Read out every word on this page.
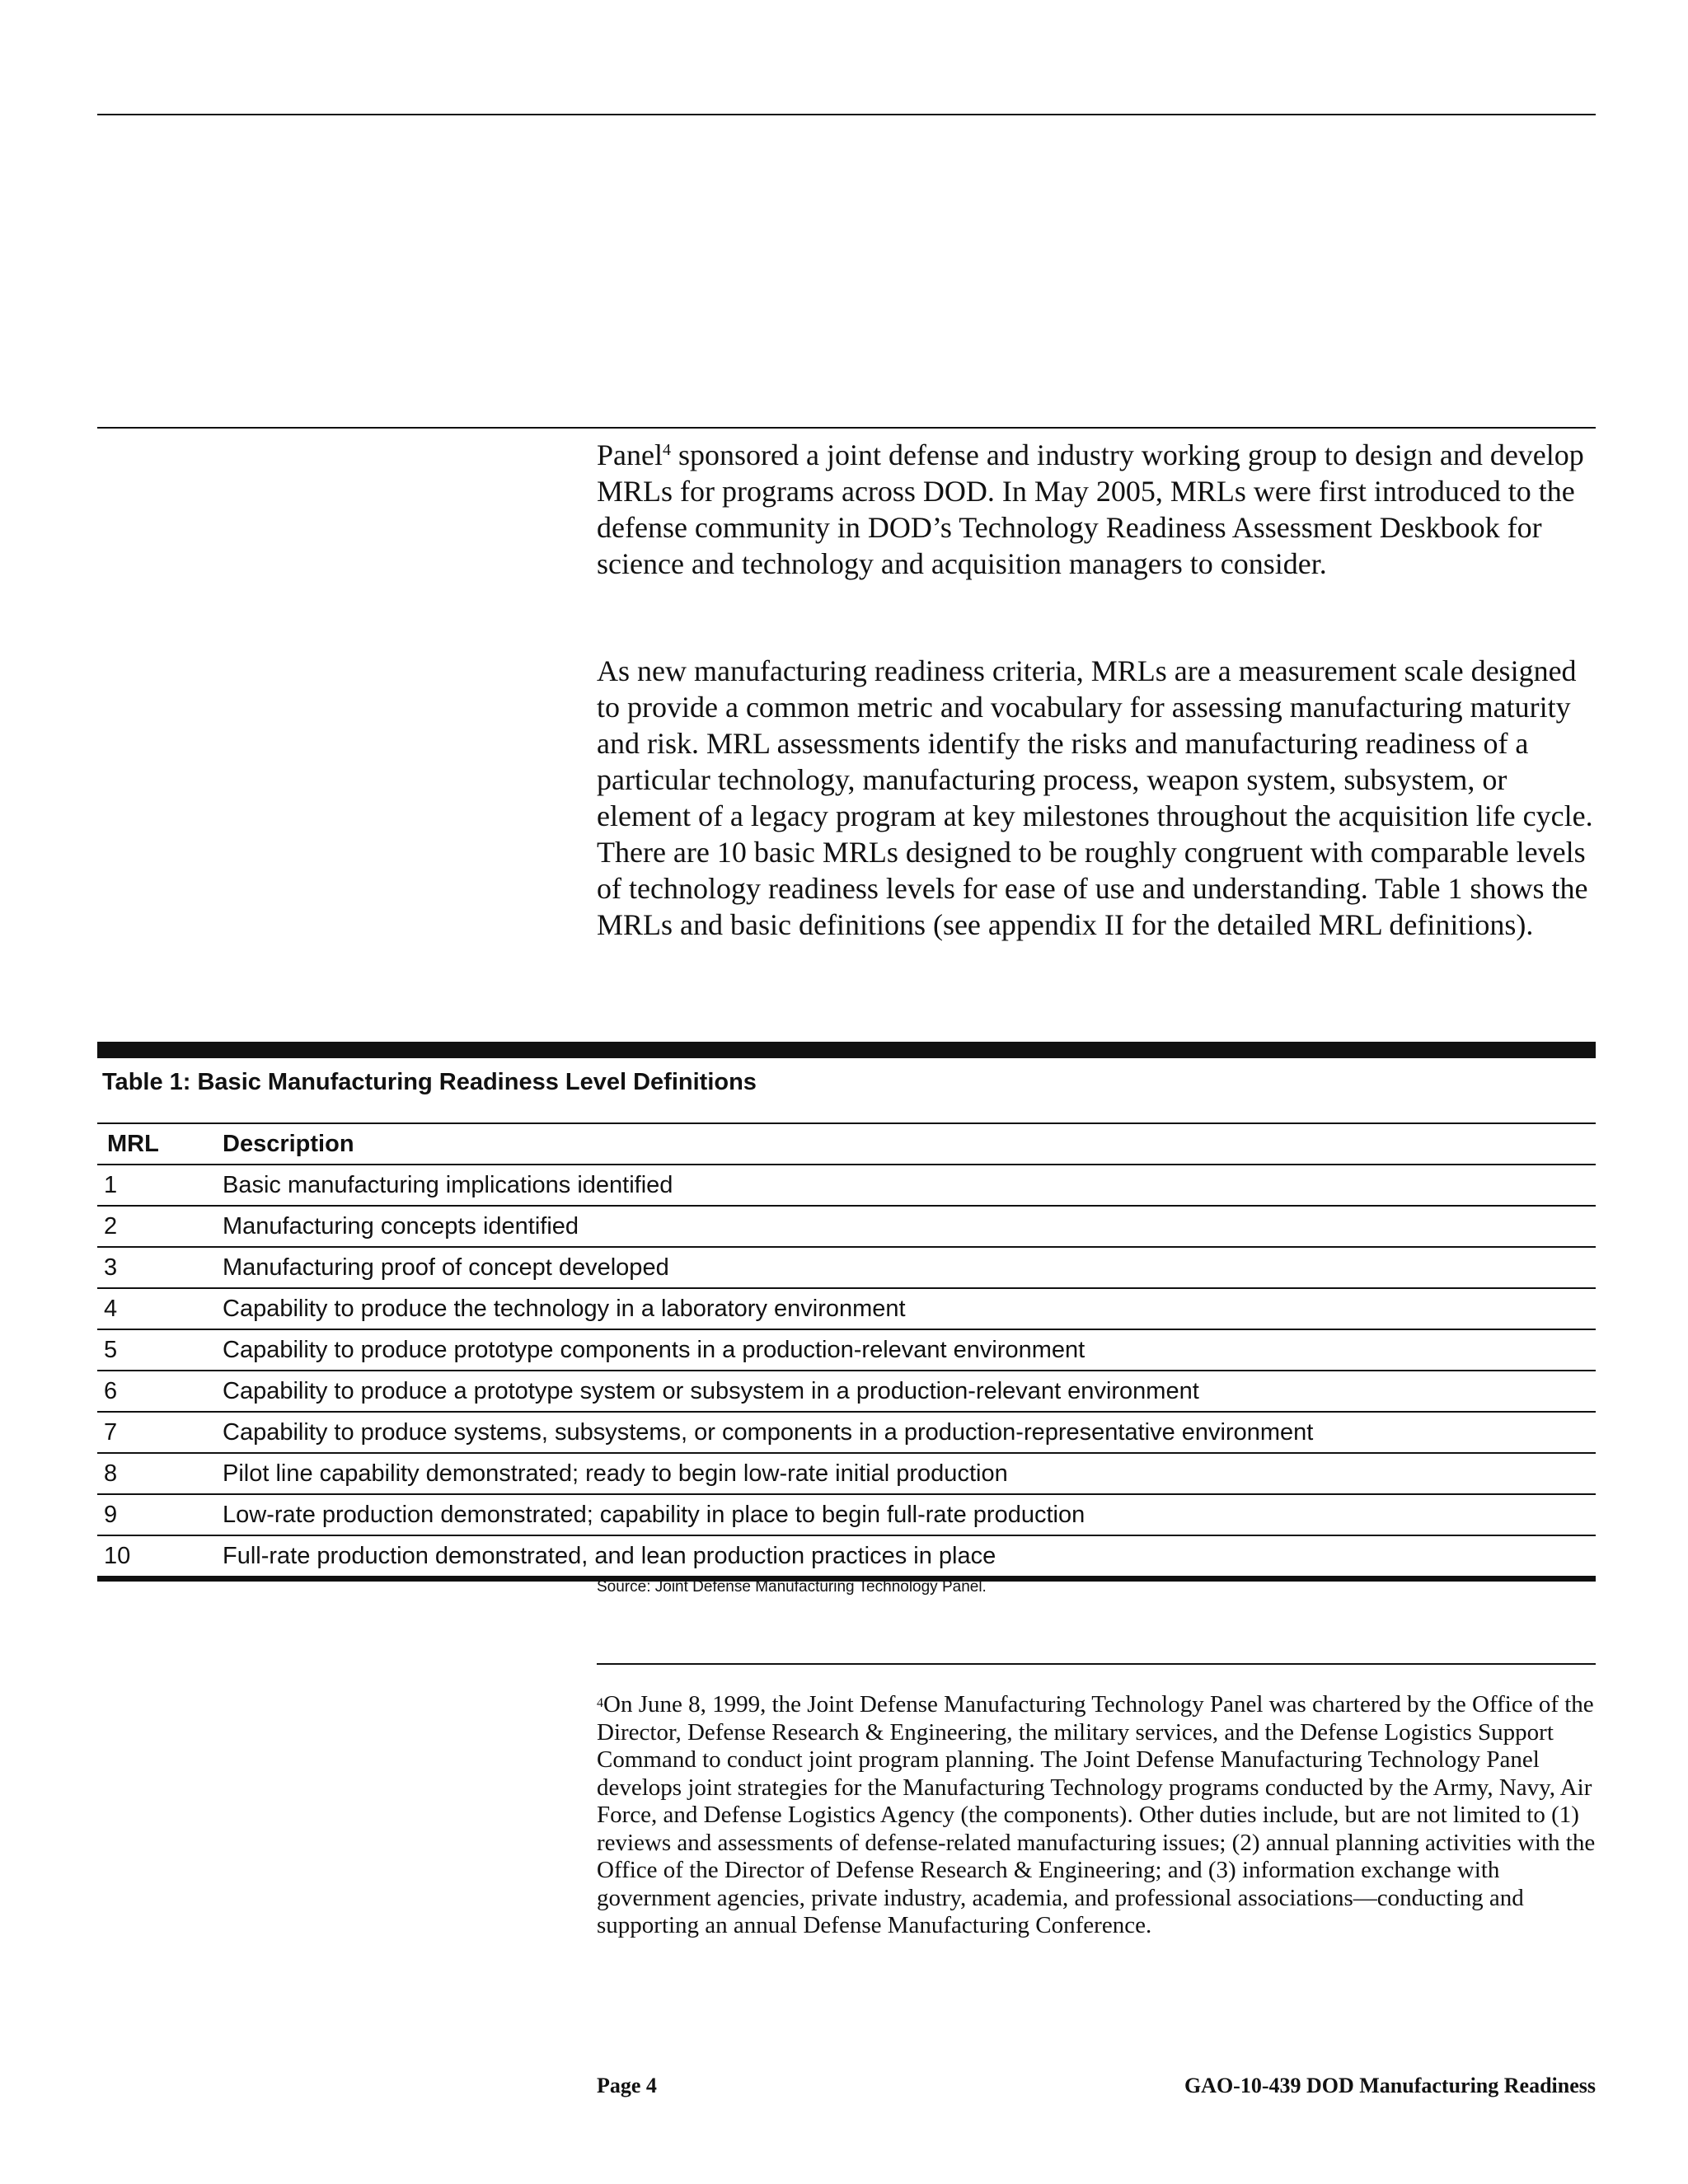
Panel$^4$ sponsored a joint defense and industry working group to design and develop MRLs for programs across DOD. In May 2005, MRLs were first introduced to the defense community in DOD’s Technology Readiness Assessment Deskbook for science and technology and acquisition managers to consider.

As new manufacturing readiness criteria, MRLs are a measurement scale designed to provide a common metric and vocabulary for assessing manufacturing maturity and risk. MRL assessments identify the risks and manufacturing readiness of a particular technology, manufacturing process, weapon system, subsystem, or element of a legacy program at key milestones throughout the acquisition life cycle. There are 10 basic MRLs designed to be roughly congruent with comparable levels of technology readiness levels for ease of use and understanding. Table 1 shows the MRLs and basic definitions (see appendix II for the detailed MRL definitions).

Table 1: Basic Manufacturing Readiness Level Definitions
MRL	Description
1	Basic manufacturing implications identified
2	Manufacturing concepts identified
3	Manufacturing proof of concept developed
4	Capability to produce the technology in a laboratory environment
5	Capability to produce prototype components in a production-relevant environment
6	Capability to produce a prototype system or subsystem in a production-relevant environment
7	Capability to produce systems, subsystems, or components in a production-representative environment
8	Pilot line capability demonstrated; ready to begin low-rate initial production
9	Low-rate production demonstrated; capability in place to begin full-rate production
10	Full-rate production demonstrated, and lean production practices in place
Source: Joint Defense Manufacturing Technology Panel.
$^4$On June 8, 1999, the Joint Defense Manufacturing Technology Panel was chartered by the Office of the Director, Defense Research & Engineering, the military services, and the Defense Logistics Support Command to conduct joint program planning. The Joint Defense Manufacturing Technology Panel develops joint strategies for the Manufacturing Technology programs conducted by the Army, Navy, Air Force, and Defense Logistics Agency (the components). Other duties include, but are not limited to (1) reviews and assessments of defense-related manufacturing issues; (2) annual planning activities with the Office of the Director of Defense Research & Engineering; and (3) information exchange with government agencies, private industry, academia, and professional associations—conducting and supporting an annual Defense Manufacturing Conference.
Page 4	GAO-10-439 DOD Manufacturing Readiness
